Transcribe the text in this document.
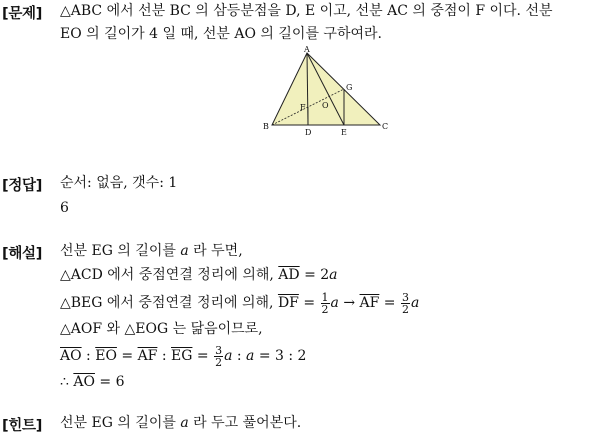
[문제] △ABC 에서 선분 BC 의 삼등분점을 D, E 이고, 선분 AC 의 중점이 F 이다. 선분
EO 의 길이가 4 일 때, 선분 AO 의 길이를 구하여라.
A
B	C
D	E
F
G
O
[정답] 순서: 없음, 갯수: 1
6
[해설] 선분 EG 의 길이를 a 라 두면,
△ACD 에서 중점연결 정리에 의해, $\overline{AD} = 2a$
△BEG 에서 중점연결 정리에 의해, $\overline{DF} = \frac{1}{2}$ $a \to \overline{AF} = \frac{3}{2}$ a
△AOF 와 △EOG 는 닮음이므로,
$\overline{AO}$ : $\overline{EO} = \overline{AF}$ : $\overline{EG} = \frac{3}{2}$ a : a = 3 : 2
∴ $\overline{AO} = 6$
[힌트] 선분 EG 의 길이를 a 라 두고 풀어본다.
